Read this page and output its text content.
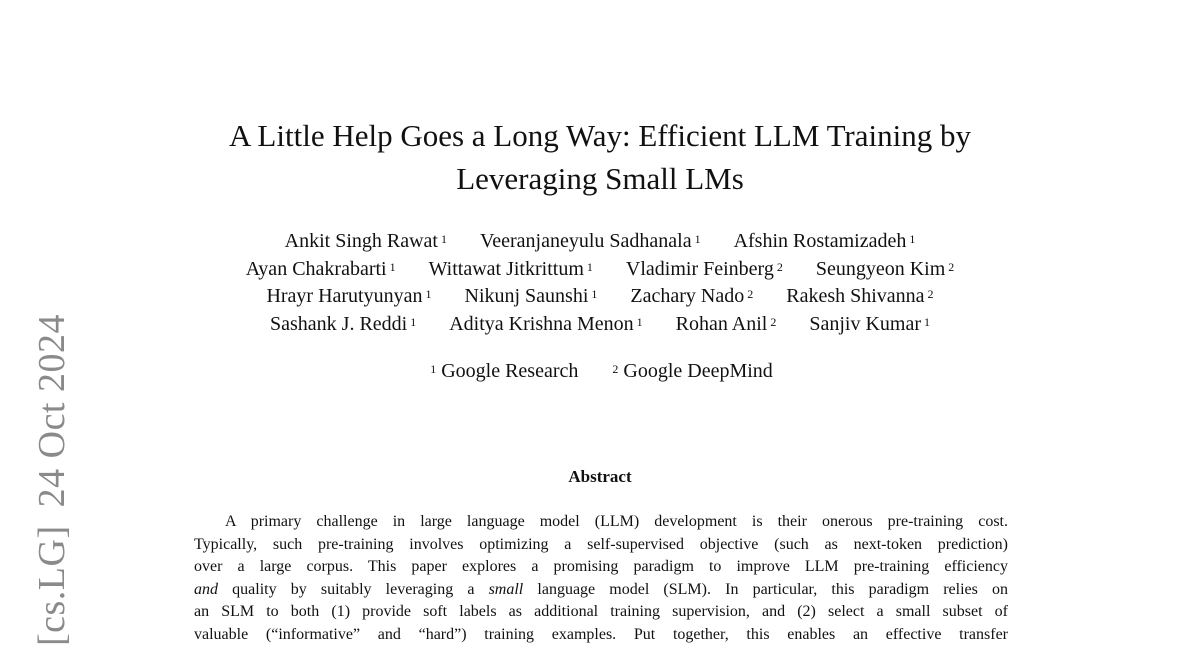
[cs.LG]24 Oct 2024
A Little Help Goes a Long Way: Efficient LLM Training by
Leveraging Small LMs
Ankit Singh Rawat $^1$ Veeranjaneyulu Sadhanala $^1$ Afshin Rostamizadeh $^1$
Ayan Chakrabarti $^1$ Wittawat Jitkrittum $^1$ Vladimir Feinberg $^2$ Seungyeon Kim $^2$
Hrayr Harutyunyan $^1$ Nikunj Saunshi $^1$ Zachary Nado $^2$ Rakesh Shivanna $^2$
Sashank J. Reddi $^1$ Aditya Krishna Menon $^1$ Rohan Anil $^2$ Sanjiv Kumar $^1$
$^1$ Google Research	$^2$ Google DeepMind
Abstract
A primary challenge in large language model (LLM) development is their onerous pre-training cost.
Typically, such pre-training involves optimizing a self-supervised objective (such as next-token prediction)
over a large corpus. This paper explores a promising paradigm to improve LLM pre-training efficiency
and quality by suitably leveraging a small language model (SLM). In particular, this paradigm relies on
an SLM to both (1) provide soft labels as additional training supervision, and (2) select a small subset of
valuable (“informative” and “hard”) training examples. Put together, this enables an effective transfer
